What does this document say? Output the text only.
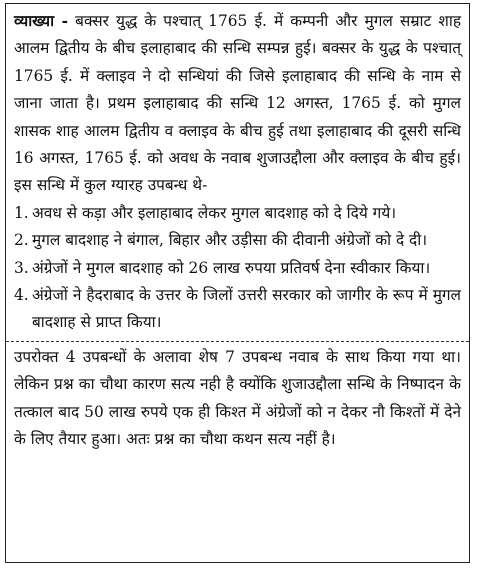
व्याख्या - बक्सर युद्ध के पश्चात् 1765 ई. में कम्पनी और मुगल सम्राट शाह आलम द्वितीय के बीच इलाहाबाद की सन्धि सम्पन्न हुई। बक्सर के युद्ध के पश्चात् 1765 ई. में क्लाइव ने दो सन्धियां की जिसे इलाहाबाद की सन्धि के नाम से जाना जाता है। प्रथम इलाहाबाद की सन्धि 12 अगस्त, 1765 ई. को मुगल शासक शाह आलम द्वितीय व क्लाइव के बीच हुई तथा इलाहाबाद की दूसरी सन्धि 16 अगस्त, 1765 ई. को अवध के नवाब शुजाउद्दौला और क्लाइव के बीच हुई। इस सन्धि में कुल ग्यारह उपबन्ध थे-

1. अवध से कड़ा और इलाहाबाद लेकर मुगल बादशाह को दे दिये गये।
2. मुगल बादशाह ने बंगाल, बिहार और उड़ीसा की दीवानी अंग्रेजों को दे दी।
3. अंग्रेजों ने मुगल बादशाह को 26 लाख रुपया प्रतिवर्ष देना स्वीकार किया।
4. अंग्रेजों ने हैदराबाद के उत्तर के जिलों उत्तरी सरकार को जागीर के रूप में मुगल बादशाह से प्राप्त किया।

उपरोक्त 4 उपबन्धों के अलावा शेष 7 उपबन्ध नवाब के साथ किया गया था। लेकिन प्रश्न का चौथा कारण सत्य नही है क्योंकि शुजाउद्दौला सन्धि के निष्पादन के तत्काल बाद 50 लाख रुपये एक ही किश्त में अंग्रेजों को न देकर नौ किश्तों में देने के लिए तैयार हुआ। अतः प्रश्न का चौथा कथन सत्य नहीं है।
